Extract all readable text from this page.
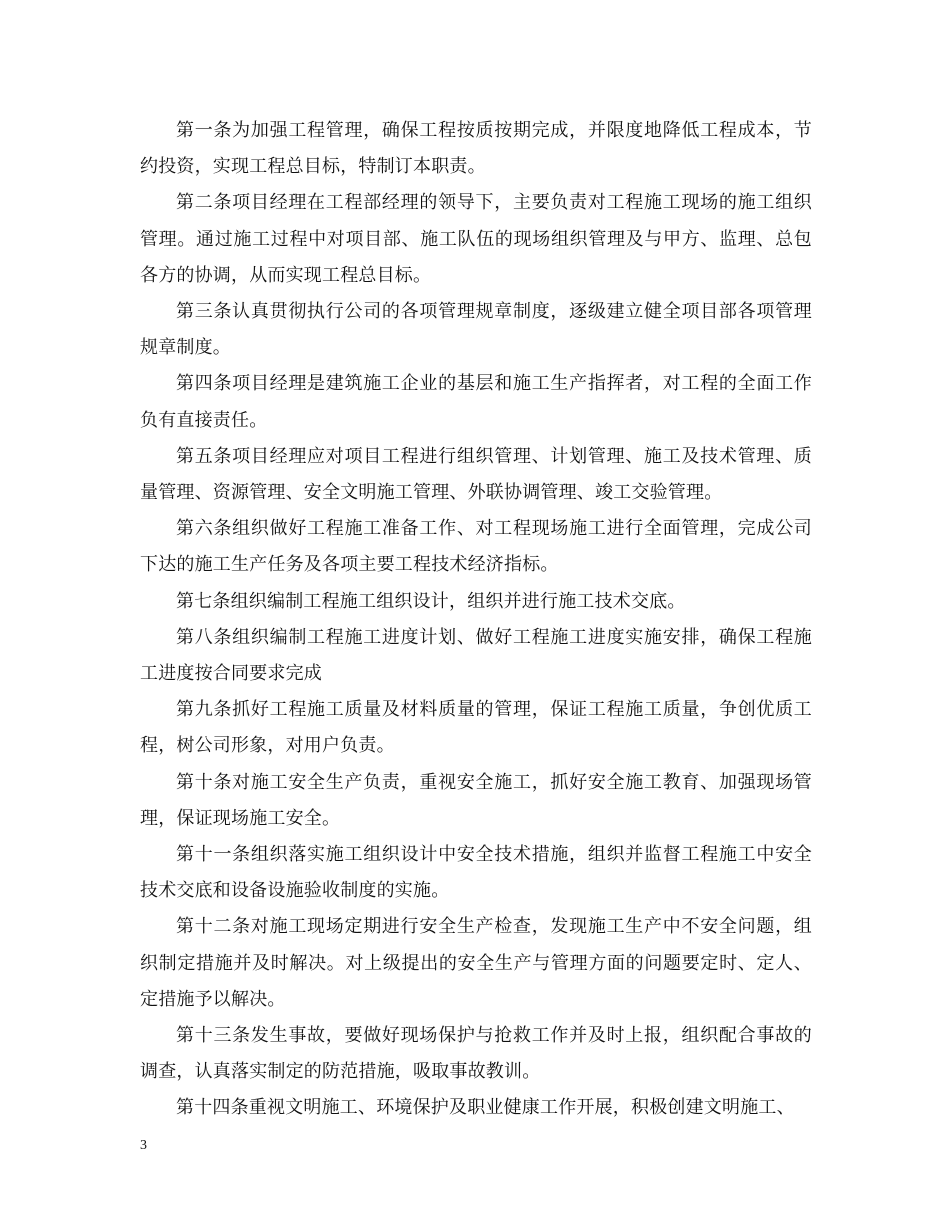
第一条为加强工程管理，确保工程按质按期完成，并限度地降低工程成本，节约投资，实现工程总目标，特制订本职责。

第二条项目经理在工程部经理的领导下，主要负责对工程施工现场的施工组织管理。通过施工过程中对项目部、施工队伍的现场组织管理及与甲方、监理、总包各方的协调，从而实现工程总目标。

第三条认真贯彻执行公司的各项管理规章制度，逐级建立健全项目部各项管理规章制度。

第四条项目经理是建筑施工企业的基层和施工生产指挥者，对工程的全面工作负有直接责任。

第五条项目经理应对项目工程进行组织管理、计划管理、施工及技术管理、质量管理、资源管理、安全文明施工管理、外联协调管理、竣工交验管理。

第六条组织做好工程施工准备工作、对工程现场施工进行全面管理，完成公司下达的施工生产任务及各项主要工程技术经济指标。

第七条组织编制工程施工组织设计，组织并进行施工技术交底。

第八条组织编制工程施工进度计划、做好工程施工进度实施安排，确保工程施工进度按合同要求完成

第九条抓好工程施工质量及材料质量的管理，保证工程施工质量，争创优质工程，树公司形象，对用户负责。

第十条对施工安全生产负责，重视安全施工，抓好安全施工教育、加强现场管理，保证现场施工安全。

第十一条组织落实施工组织设计中安全技术措施，组织并监督工程施工中安全技术交底和设备设施验收制度的实施。

第十二条对施工现场定期进行安全生产检查，发现施工生产中不安全问题，组织制定措施并及时解决。对上级提出的安全生产与管理方面的问题要定时、定人、定措施予以解决。

第十三条发生事故，要做好现场保护与抢救工作并及时上报，组织配合事故的调查，认真落实制定的防范措施，吸取事故教训。

第十四条重视文明施工、环境保护及职业健康工作开展，积极创建文明施工、

3
